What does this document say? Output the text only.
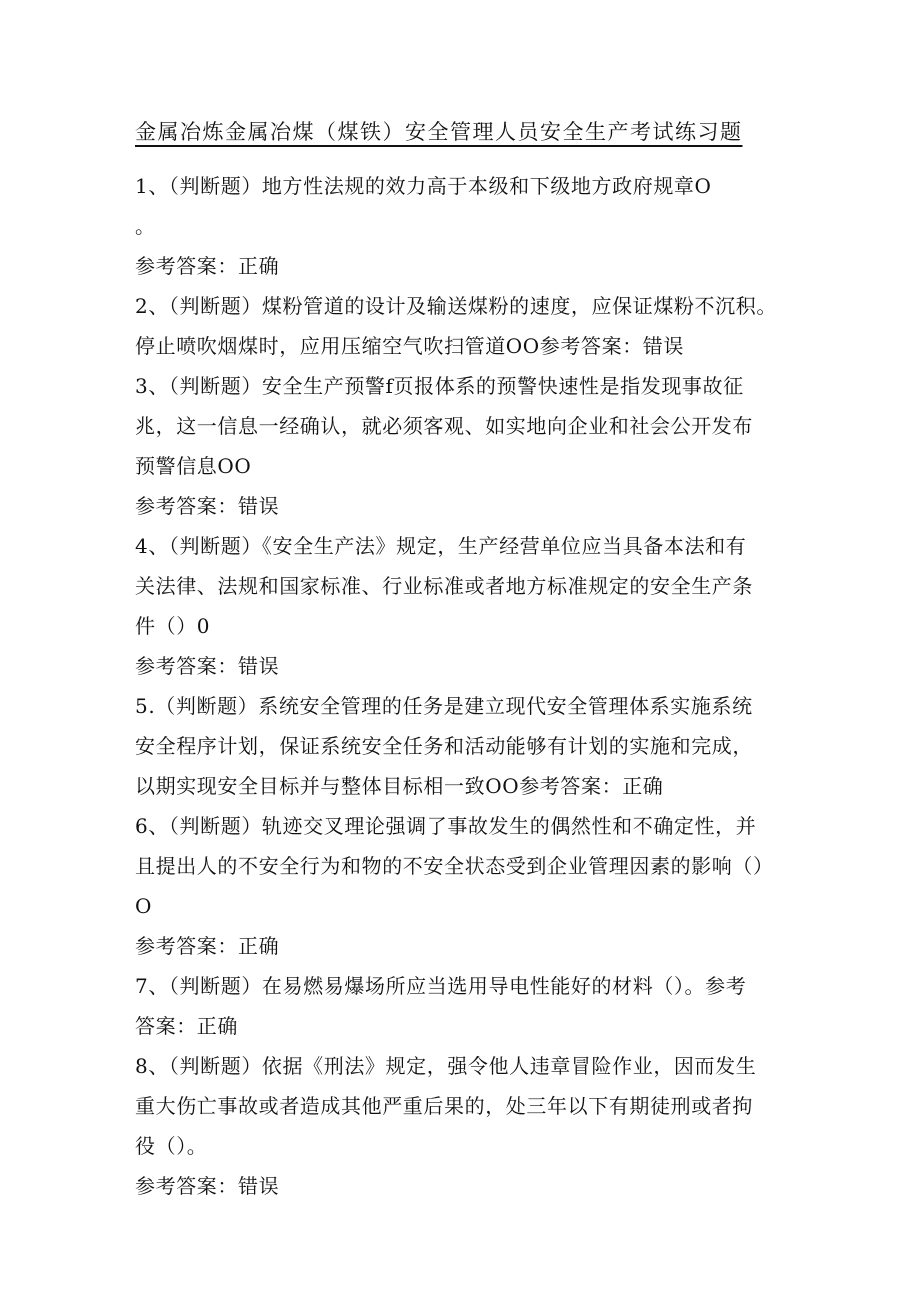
金属冶炼金属冶煤（煤铁）安全管理人员安全生产考试练习题
1、（判断题）地方性法规的效力高于本级和下级地方政府规章O
。
参考答案：正确
2、（判断题）煤粉管道的设计及输送煤粉的速度，应保证煤粉不沉积。
停止喷吹烟煤时，应用压缩空气吹扫管道OO参考答案：错误
3、（判断题）安全生产预警f页报体系的预警快速性是指发现事故征
兆，这一信息一经确认，就必须客观、如实地向企业和社会公开发布
预警信息OO
参考答案：错误
4、（判断题）《安全生产法》规定，生产经营单位应当具备本法和有
关法律、法规和国家标准、行业标准或者地方标准规定的安全生产条
件（）0
参考答案：错误
5.（判断题）系统安全管理的任务是建立现代安全管理体系实施系统
安全程序计划，保证系统安全任务和活动能够有计划的实施和完成，
以期实现安全目标并与整体目标相一致OO参考答案：正确
6、（判断题）轨迹交叉理论强调了事故发生的偶然性和不确定性，并
且提出人的不安全行为和物的不安全状态受到企业管理因素的影响（）
O
参考答案：正确
7、（判断题）在易燃易爆场所应当选用导电性能好的材料（）。参考
答案：正确
8、（判断题）依据《刑法》规定，强令他人违章冒险作业，因而发生
重大伤亡事故或者造成其他严重后果的，处三年以下有期徒刑或者拘
役（）。
参考答案：错误
